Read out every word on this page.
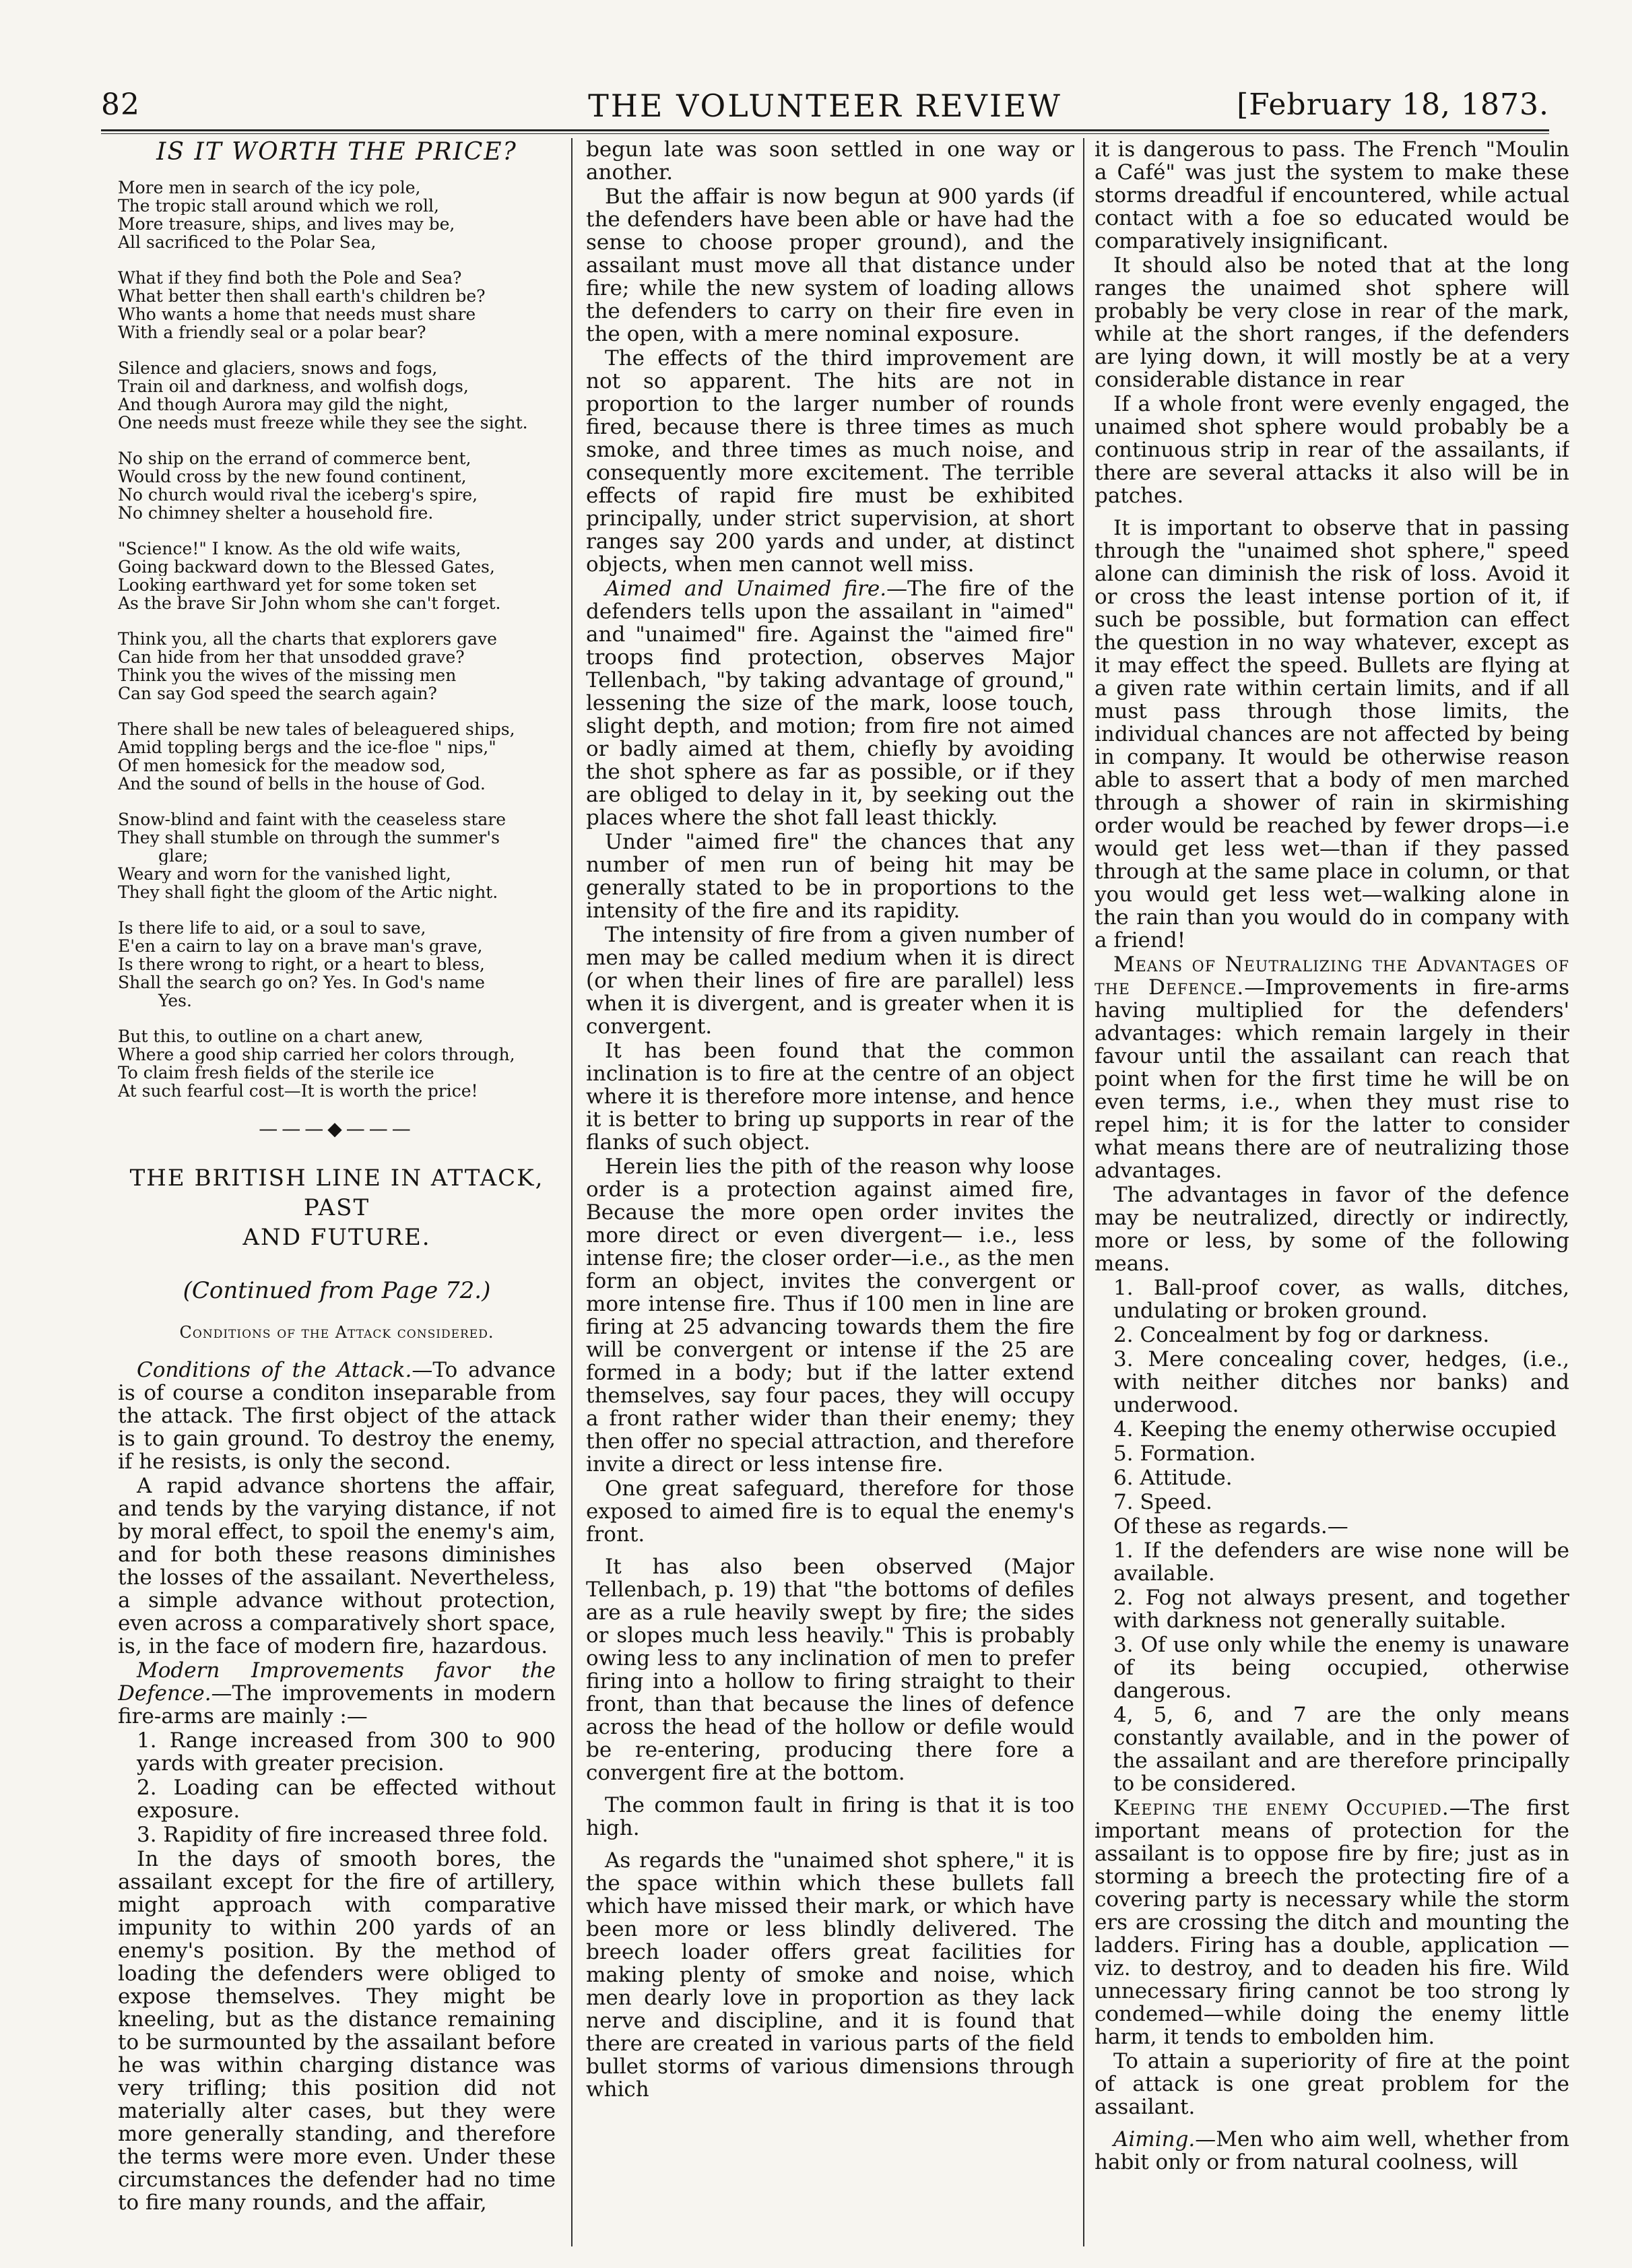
82	THE VOLUNTEER REVIEW	[February 18, 1873.
IS IT WORTH THE PRICE?
More men in search of the icy pole,
The tropic stall around which we roll,
More treasure, ships, and lives may be,
All sacrificed to the Polar Sea,
What if they find both the Pole and Sea?
What better then shall earth's children be?
Who wants a home that needs must share
With a friendly seal or a polar bear?
Silence and glaciers, snows and fogs,
Train oil and darkness, and wolfish dogs,
And though Aurora may gild the night,
One needs must freeze while they see the sight.
No ship on the errand of commerce bent,
Would cross by the new found continent,
No church would rival the iceberg's spire,
No chimney shelter a household fire.
"Science!" I know. As the old wife waits,
Going backward down to the Blessed Gates,
Looking earthward yet for some token set
As the brave Sir John whom she can't forget.
Think you, all the charts that explorers gave
Can hide from her that unsodded grave?
Think you the wives of the missing men
Can say God speed the search again?
There shall be new tales of beleaguered ships,
Amid toppling bergs and the ice-floe " nips,"
Of men homesick for the meadow sod,
And the sound of bells in the house of God.
Snow-blind and faint with the ceaseless stare
They shall stumble on through the summer's
glare;
Weary and worn for the vanished light,
They shall fight the gloom of the Artic night.
Is there life to aid, or a soul to save,
E'en a cairn to lay on a brave man's grave,
Is there wrong to right, or a heart to bless,
Shall the search go on? Yes. In God's name
Yes.
But this, to outline on a chart anew,
Where a good ship carried her colors through,
To claim fresh fields of the sterile ice
At such fearful cost—It is worth the price!
———◆———
THE BRITISH LINE IN ATTACK, PAST
AND FUTURE.
(Continued from Page 72.)
Conditions of the Attack considered.

Conditions of the Attack.—To advance is of course a conditon inseparable from the attack. The first object of the attack is to gain ground. To destroy the enemy, if he resists, is only the second.

A rapid advance shortens the affair, and tends by the varying distance, if not by moral effect, to spoil the enemy's aim, and for both these reasons diminishes the losses of the assailant. Nevertheless, a simple advance without protection, even across a comparatively short space, is, in the face of modern fire, hazardous.

Modern Improvements favor the Defence.—The improvements in modern fire-arms are mainly :—

1. Range increased from 300 to 900 yards with greater precision.

2. Loading can be effected without exposure.

3. Rapidity of fire increased three fold.

In the days of smooth bores, the assailant except for the fire of artillery, might approach with comparative impunity to within 200 yards of an enemy's position. By the method of loading the defenders were obliged to expose themselves. They might be kneeling, but as the distance remaining to be surmounted by the assailant before he was within charging distance was very trifling; this position did not materially alter cases, but they were more generally standing, and therefore the terms were more even. Under these circumstances the defender had no time to fire many rounds, and the affair,

begun late was soon settled in one way or another.

But the affair is now begun at 900 yards (if the defenders have been able or have had the sense to choose proper ground), and the assailant must move all that distance under fire; while the new system of loading allows the defenders to carry on their fire even in the open, with a mere nominal exposure.

The effects of the third improvement are not so apparent. The hits are not in proportion to the larger number of rounds fired, because there is three times as much smoke, and three times as much noise, and consequently more excitement. The terrible effects of rapid fire must be exhibited principally, under strict supervision, at short ranges say 200 yards and under, at distinct objects, when men cannot well miss.

Aimed and Unaimed fire.—The fire of the defenders tells upon the assailant in "aimed" and "unaimed" fire. Against the "aimed fire" troops find protection, observes Major Tellenbach, "by taking advantage of ground," lessening the size of the mark, loose touch, slight depth, and motion; from fire not aimed or badly aimed at them, chiefly by avoiding the shot sphere as far as possible, or if they are obliged to delay in it, by seeking out the places where the shot fall least thickly.

Under "aimed fire" the chances that any number of men run of being hit may be generally stated to be in proportions to the intensity of the fire and its rapidity.

The intensity of fire from a given number of men may be called medium when it is direct (or when their lines of fire are parallel) less when it is divergent, and is greater when it is convergent.

It has been found that the common inclination is to fire at the centre of an object where it is therefore more intense, and hence it is better to bring up supports in rear of the flanks of such object.

Herein lies the pith of the reason why loose order is a protection against aimed fire, Because the more open order invites the more direct or even divergent— i.e., less intense fire; the closer order—i.e., as the men form an object, invites the convergent or more intense fire. Thus if 100 men in line are firing at 25 advancing towards them the fire will be convergent or intense if the 25 are formed in a body; but if the latter extend themselves, say four paces, they will occupy a front rather wider than their enemy; they then offer no special attraction, and therefore invite a direct or less intense fire.

One great safeguard, therefore for those exposed to aimed fire is to equal the enemy's front.

It has also been observed (Major Tellenbach, p. 19) that "the bottoms of defiles are as a rule heavily swept by fire; the sides or slopes much less heavily." This is probably owing less to any inclination of men to prefer firing into a hollow to firing straight to their front, than that because the lines of defence across the head of the hollow or defile would be re-entering, producing there fore a convergent fire at the bottom.

The common fault in firing is that it is too high.

As regards the "unaimed shot sphere," it is the space within which these bullets fall which have missed their mark, or which have been more or less blindly delivered. The breech loader offers great facilities for making plenty of smoke and noise, which men dearly love in proportion as they lack nerve and discipline, and it is found that there are created in various parts of the field bullet storms of various dimensions through which

it is dangerous to pass. The French "Moulin a Café" was just the system to make these storms dreadful if encountered, while actual contact with a foe so educated would be comparatively insignificant.

It should also be noted that at the long ranges the unaimed shot sphere will probably be very close in rear of the mark, while at the short ranges, if the defenders are lying down, it will mostly be at a very considerable distance in rear

If a whole front were evenly engaged, the unaimed shot sphere would probably be a continuous strip in rear of the assailants, if there are several attacks it also will be in patches.

It is important to observe that in passing through the "unaimed shot sphere," speed alone can diminish the risk of loss. Avoid it or cross the least intense portion of it, if such be possible, but formation can effect the question in no way whatever, except as it may effect the speed. Bullets are flying at a given rate within certain limits, and if all must pass through those limits, the individual chances are not affected by being in company. It would be otherwise reason able to assert that a body of men marched through a shower of rain in skirmishing order would be reached by fewer drops—i.e would get less wet—than if they passed through at the same place in column, or that you would get less wet—walking alone in the rain than you would do in company with a friend!

Means of Neutralizing the Advantages of the Defence.—Improvements in fire-arms having multiplied for the defenders' advantages: which remain largely in their favour until the assailant can reach that point when for the first time he will be on even terms, i.e., when they must rise to repel him; it is for the latter to consider what means there are of neutralizing those advantages.

The advantages in favor of the defence may be neutralized, directly or indirectly, more or less, by some of the following means.

1. Ball-proof cover, as walls, ditches, undulating or broken ground.

2. Concealment by fog or darkness.

3. Mere concealing cover, hedges, (i.e., with neither ditches nor banks) and underwood.

4. Keeping the enemy otherwise occupied

5. Formation.

6. Attitude.

7. Speed.

Of these as regards.—

1. If the defenders are wise none will be available.

2. Fog not always present, and together with darkness not generally suitable.

3. Of use only while the enemy is unaware of its being occupied, otherwise dangerous.

4, 5, 6, and 7 are the only means constantly available, and in the power of the assailant and are therefore principally to be considered.

Keeping the enemy Occupied.—The first important means of protection for the assailant is to oppose fire by fire; just as in storming a breech the protecting fire of a covering party is necessary while the storm ers are crossing the ditch and mounting the ladders. Firing has a double, application —viz. to destroy, and to deaden his fire. Wild unnecessary firing cannot be too strong ly condemed—while doing the enemy little harm, it tends to embolden him.

To attain a superiority of fire at the point of attack is one great problem for the assailant.

Aiming.—Men who aim well, whether from habit only or from natural coolness, will
